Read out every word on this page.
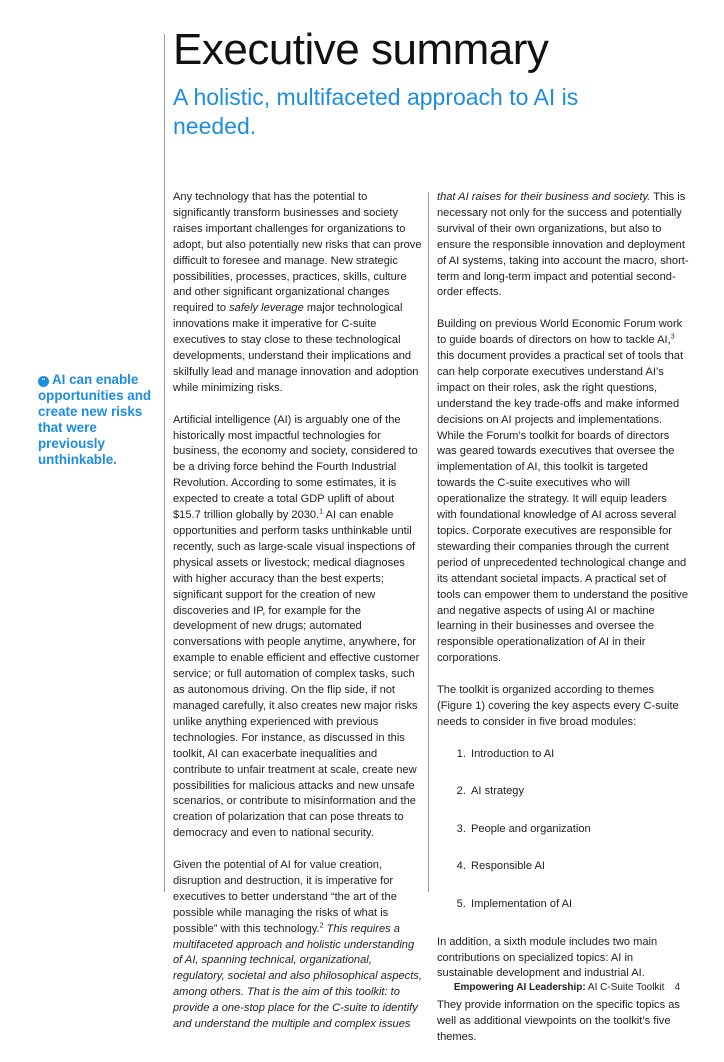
Executive summary
A holistic, multifaceted approach to AI is needed.
“ AI can enable opportunities and create new risks that were previously unthinkable.

Any technology that has the potential to significantly transform businesses and society raises important challenges for organizations to adopt, but also potentially new risks that can prove difficult to foresee and manage. New strategic possibilities, processes, practices, skills, culture and other significant organizational changes required to safely leverage major technological innovations make it imperative for C-suite executives to stay close to these technological developments, understand their implications and skilfully lead and manage innovation and adoption while minimizing risks.

Artificial intelligence (AI) is arguably one of the historically most impactful technologies for business, the economy and society, considered to be a driving force behind the Fourth Industrial Revolution. According to some estimates, it is expected to create a total GDP uplift of about $15.7 trillion globally by 2030.$^1$ AI can enable opportunities and perform tasks unthinkable until recently, such as large-scale visual inspections of physical assets or livestock; medical diagnoses with higher accuracy than the best experts; significant support for the creation of new discoveries and IP, for example for the development of new drugs; automated conversations with people anytime, anywhere, for example to enable efficient and effective customer service; or full automation of complex tasks, such as autonomous driving. On the flip side, if not managed carefully, it also creates new major risks unlike anything experienced with previous technologies. For instance, as discussed in this toolkit, AI can exacerbate inequalities and contribute to unfair treatment at scale, create new possibilities for malicious attacks and new unsafe scenarios, or contribute to misinformation and the creation of polarization that can pose threats to democracy and even to national security.

Given the potential of AI for value creation, disruption and destruction, it is imperative for executives to better understand “the art of the possible while managing the risks of what is possible” with this technology.$^2$ This requires a multifaceted approach and holistic understanding of AI, spanning technical, organizational, regulatory, societal and also philosophical aspects, among others. That is the aim of this toolkit: to provide a one-stop place for the C-suite to identify and understand the multiple and complex issues

that AI raises for their business and society. This is necessary not only for the success and potentially survival of their own organizations, but also to ensure the responsible innovation and deployment of AI systems, taking into account the macro, short-term and long-term impact and potential second-order effects.

Building on previous World Economic Forum work to guide boards of directors on how to tackle AI,$^3$ this document provides a practical set of tools that can help corporate executives understand AI’s impact on their roles, ask the right questions, understand the key trade-offs and make informed decisions on AI projects and implementations. While the Forum’s toolkit for boards of directors was geared towards executives that oversee the implementation of AI, this toolkit is targeted towards the C-suite executives who will operationalize the strategy. It will equip leaders with foundational knowledge of AI across several topics. Corporate executives are responsible for stewarding their companies through the current period of unprecedented technological change and its attendant societal impacts. A practical set of tools can empower them to understand the positive and negative aspects of using AI or machine learning in their businesses and oversee the responsible operationalization of AI in their corporations.

The toolkit is organized according to themes (Figure 1) covering the key aspects every C-suite needs to consider in five broad modules:

1. Introduction to AI
2. AI strategy
3. People and organization
4. Responsible AI
5. Implementation of AI

In addition, a sixth module includes two main contributions on specialized topics: AI in sustainable development and industrial AI.

They provide information on the specific topics as well as additional viewpoints on the toolkit’s five themes.

Empowering AI Leadership: AI C-Suite Toolkit 4
